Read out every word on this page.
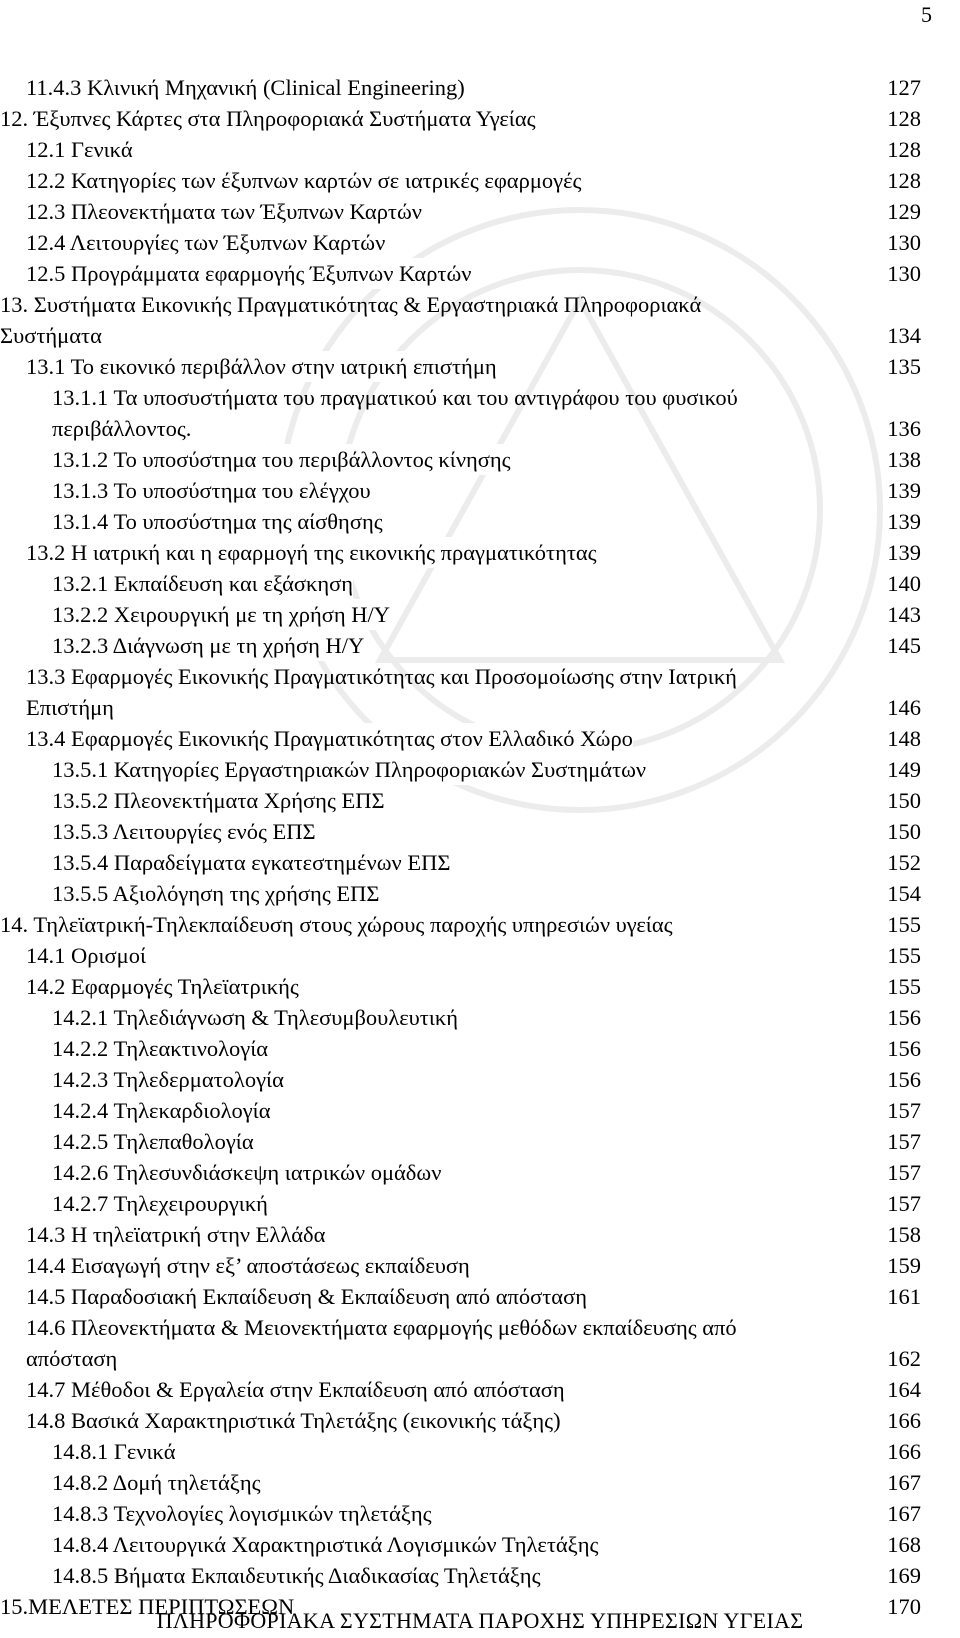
5
11.4.3 Κλινική Μηχανική (Clinical Engineering)	127
12. Έξυπνες Κάρτες στα Πληροφοριακά Συστήματα Υγείας	128
12.1 Γενικά	128
12.2 Κατηγορίες των έξυπνων καρτών σε ιατρικές εφαρμογές	128
12.3 Πλεονεκτήματα των Έξυπνων Καρτών	129
12.4 Λειτουργίες των Έξυπνων Καρτών	130
12.5 Προγράμματα εφαρμογής Έξυπνων Καρτών	130
13. Συστήματα Εικονικής Πραγματικότητας & Εργαστηριακά Πληροφοριακά
Συστήματα	134
13.1 Το εικονικό περιβάλλον στην ιατρική επιστήμη	135
13.1.1 Τα υποσυστήματα του πραγματικού και του αντιγράφου του φυσικού
περιβάλλοντος.	136
13.1.2 Το υποσύστημα του περιβάλλοντος κίνησης	138
13.1.3 Το υποσύστημα του ελέγχου	139
13.1.4 Το υποσύστημα της αίσθησης	139
13.2 Η ιατρική και η εφαρμογή της εικονικής πραγματικότητας	139
13.2.1 Εκπαίδευση και εξάσκηση	140
13.2.2 Χειρουργική με τη χρήση Η/Υ	143
13.2.3 Διάγνωση με τη χρήση Η/Υ	145
13.3 Εφαρμογές Εικονικής Πραγματικότητας και Προσομοίωσης στην Ιατρική
Επιστήμη	146
13.4 Εφαρμογές Εικονικής Πραγματικότητας στον Ελλαδικό Χώρο	148
13.5.1 Κατηγορίες Εργαστηριακών Πληροφοριακών Συστημάτων	149
13.5.2 Πλεονεκτήματα Χρήσης ΕΠΣ	150
13.5.3 Λειτουργίες ενός ΕΠΣ	150
13.5.4 Παραδείγματα εγκατεστημένων ΕΠΣ	152
13.5.5 Αξιολόγηση της χρήσης ΕΠΣ	154
14. Τηλεϊατρική-Τηλεκπαίδευση στους χώρους παροχής υπηρεσιών υγείας	155
14.1 Ορισμοί	155
14.2 Εφαρμογές Τηλεϊατρικής	155
14.2.1 Τηλεδιάγνωση & Τηλεσυμβουλευτική	156
14.2.2 Τηλεακτινολογία	156
14.2.3 Τηλεδερματολογία	156
14.2.4 Τηλεκαρδιολογία	157
14.2.5 Τηλεπαθολογία	157
14.2.6 Τηλεσυνδιάσκεψη ιατρικών ομάδων	157
14.2.7 Τηλεχειρουργική	157
14.3 Η τηλεϊατρική στην Ελλάδα	158
14.4 Εισαγωγή στην εξ’ αποστάσεως εκπαίδευση	159
14.5 Παραδοσιακή Εκπαίδευση & Εκπαίδευση από απόσταση	161
14.6 Πλεονεκτήματα & Μειονεκτήματα εφαρμογής μεθόδων εκπαίδευσης από
απόσταση	162
14.7 Μέθοδοι & Εργαλεία στην Εκπαίδευση από απόσταση	164
14.8 Βασικά Χαρακτηριστικά Τηλετάξης (εικονικής τάξης)	166
14.8.1 Γενικά	166
14.8.2 Δομή τηλετάξης	167
14.8.3 Τεχνολογίες λογισμικών τηλετάξης	167
14.8.4 Λειτουργικά Χαρακτηριστικά Λογισμικών Τηλετάξης	168
14.8.5 Βήματα Εκπαιδευτικής Διαδικασίας Τηλετάξης	169
15.ΜΕΛΕΤΕΣ ΠΕΡΙΠΤΩΣΕΩΝ	170
ΠΛΗΡΟΦΟΡΙΑΚΑ ΣΥΣΤΗΜΑΤΑ ΠΑΡΟΧΗΣ ΥΠΗΡΕΣΙΩΝ ΥΓΕΙΑΣ
